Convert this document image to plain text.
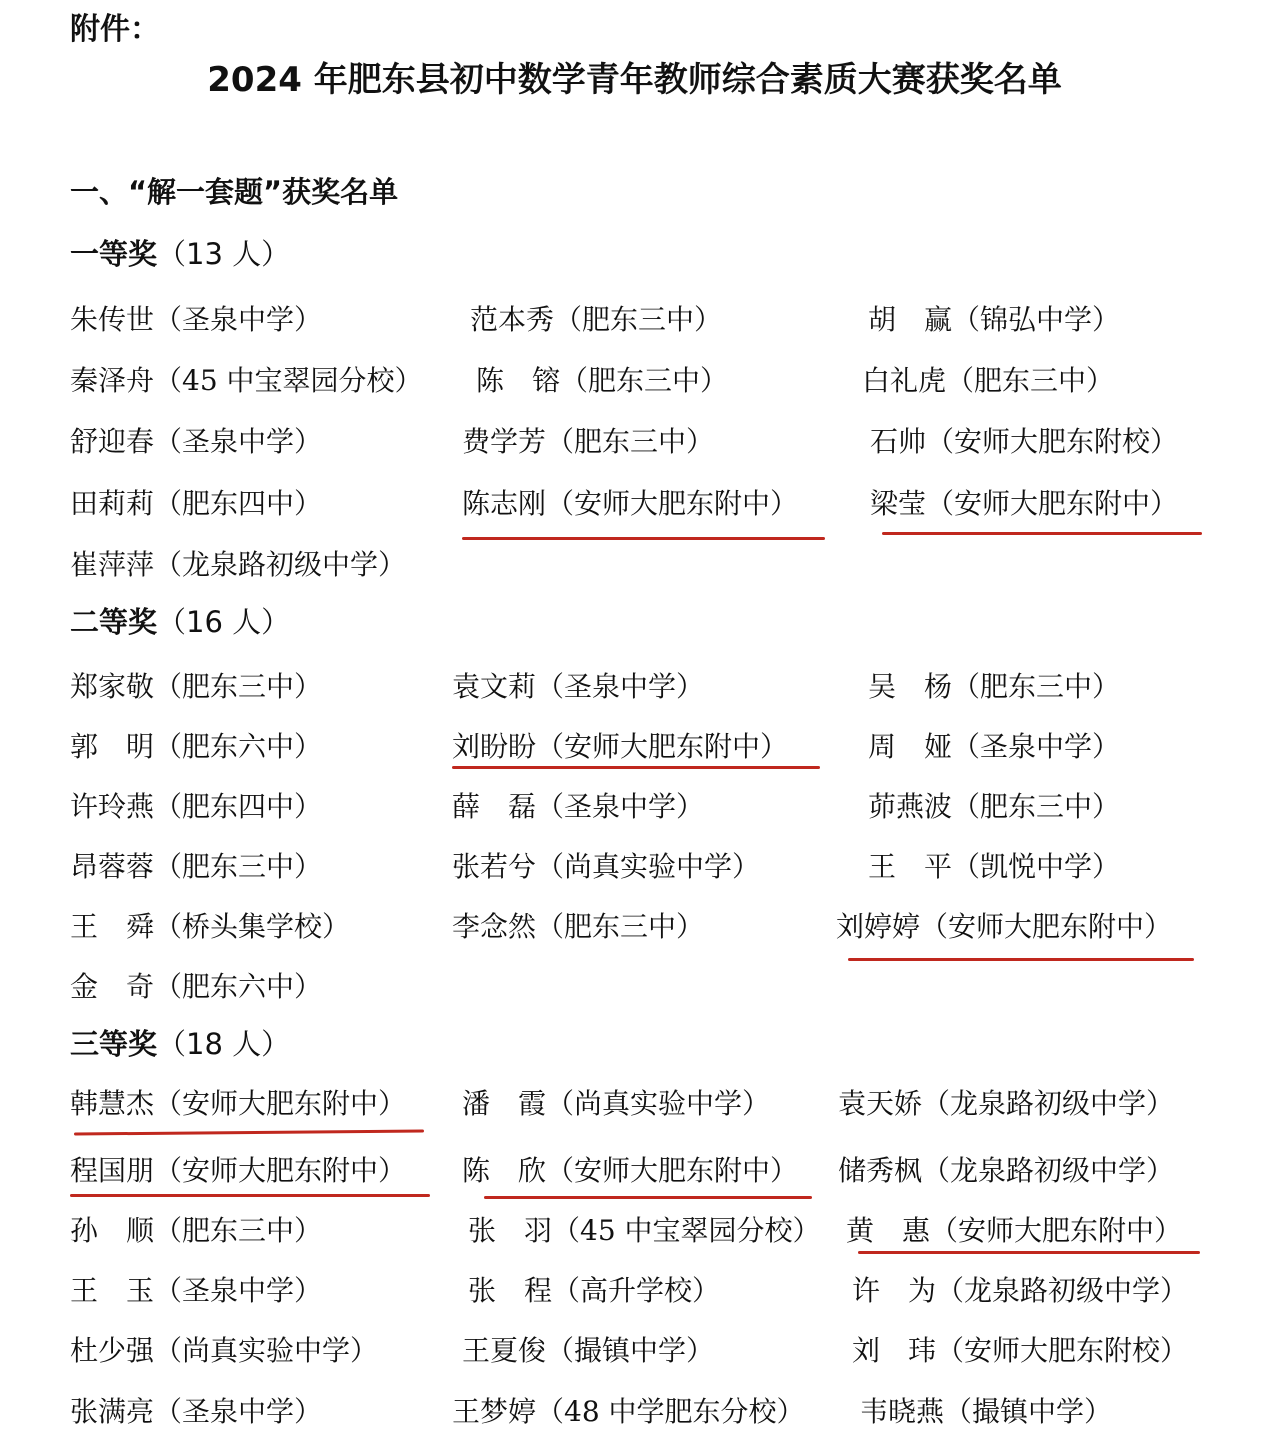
附件：
2024 年肥东县初中数学青年教师综合素质大赛获奖名单
一、“解一套题”获奖名单
一等奖（13 人）
二等奖（16 人）
三等奖（18 人）
朱传世（圣泉中学）	范本秀（肥东三中）	胡　赢（锦弘中学）
秦泽舟（45 中宝翠园分校） 陈　镕（肥东三中）	白礼虎（肥东三中）
舒迎春（圣泉中学）	费学芳（肥东三中）	石帅（安师大肥东附校）
田莉莉（肥东四中）	陈志刚（安师大肥东附中）	梁莹（安师大肥东附中）
崔萍萍（龙泉路初级中学）
郑家敬（肥东三中）	袁文莉（圣泉中学）	吴　杨（肥东三中）
郭　明（肥东六中）	刘盼盼（安师大肥东附中）	周　娅（圣泉中学）
许玲燕（肥东四中）	薛　磊（圣泉中学）	茆燕波（肥东三中）
昂蓉蓉（肥东三中）	张若兮（尚真实验中学）	王　平（凯悦中学）
王　舜（桥头集学校）	李念然（肥东三中）	刘婷婷（安师大肥东附中）
金　奇（肥东六中）
韩慧杰（安师大肥东附中） 潘　霞（尚真实验中学） 袁天娇（龙泉路初级中学）
程国朋（安师大肥东附中） 陈　欣（安师大肥东附中） 储秀枫（龙泉路初级中学）
孙　顺（肥东三中）	张　羽（45 中宝翠园分校） 黄　惠（安师大肥东附中）
王　玉（圣泉中学）	张　程（高升学校）	许　为（龙泉路初级中学）
杜少强（尚真实验中学）	王夏俊（撮镇中学）	刘　玮（安师大肥东附校）
张满亮（圣泉中学）	王梦婷（48 中学肥东分校） 韦晓燕（撮镇中学）
